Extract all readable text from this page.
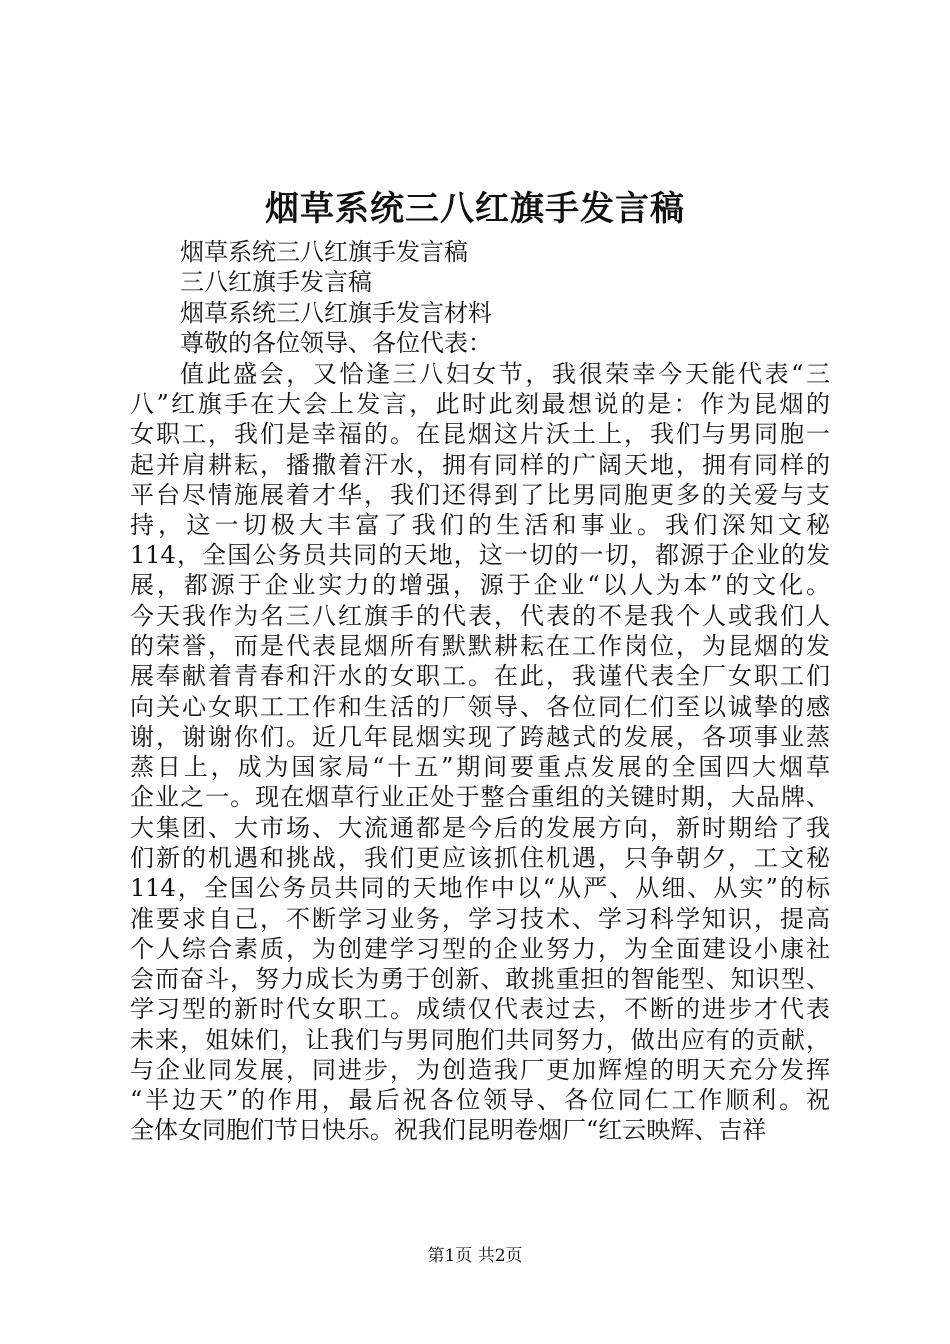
烟草系统三八红旗手发言稿
烟草系统三八红旗手发言稿
三八红旗手发言稿
烟草系统三八红旗手发言材料
尊敬的各位领导、各位代表：
值此盛会，又恰逢三八妇女节，我很荣幸今天能代表“三
八”红旗手在大会上发言，此时此刻最想说的是：作为昆烟的
女职工，我们是幸福的。在昆烟这片沃土上，我们与男同胞一
起并肩耕耘，播撒着汗水，拥有同样的广阔天地，拥有同样的
平台尽情施展着才华，我们还得到了比男同胞更多的关爱与支
持，这一切极大丰富了我们的生活和事业。我们深知文秘
114，全国公务员共同的天地，这一切的一切，都源于企业的发
展，都源于企业实力的增强，源于企业“以人为本”的文化。
今天我作为名三八红旗手的代表，代表的不是我个人或我们人
的荣誉，而是代表昆烟所有默默耕耘在工作岗位，为昆烟的发
展奉献着青春和汗水的女职工。在此，我谨代表全厂女职工们
向关心女职工工作和生活的厂领导、各位同仁们至以诚挚的感
谢，谢谢你们。近几年昆烟实现了跨越式的发展，各项事业蒸
蒸日上，成为国家局“十五”期间要重点发展的全国四大烟草
企业之一。现在烟草行业正处于整合重组的关键时期，大品牌、
大集团、大市场、大流通都是今后的发展方向，新时期给了我
们新的机遇和挑战，我们更应该抓住机遇，只争朝夕，工文秘
114，全国公务员共同的天地作中以“从严、从细、从实”的标
准要求自己，不断学习业务，学习技术、学习科学知识，提高
个人综合素质，为创建学习型的企业努力，为全面建设小康社
会而奋斗，努力成长为勇于创新、敢挑重担的智能型、知识型、
学习型的新时代女职工。成绩仅代表过去，不断的进步才代表
未来，姐妹们，让我们与男同胞们共同努力，做出应有的贡献，
与企业同发展，同进步，为创造我厂更加辉煌的明天充分发挥
“半边天”的作用，最后祝各位领导、各位同仁工作顺利。祝
全体女同胞们节日快乐。祝我们昆明卷烟厂“红云映辉、吉祥
第1页 共2页
